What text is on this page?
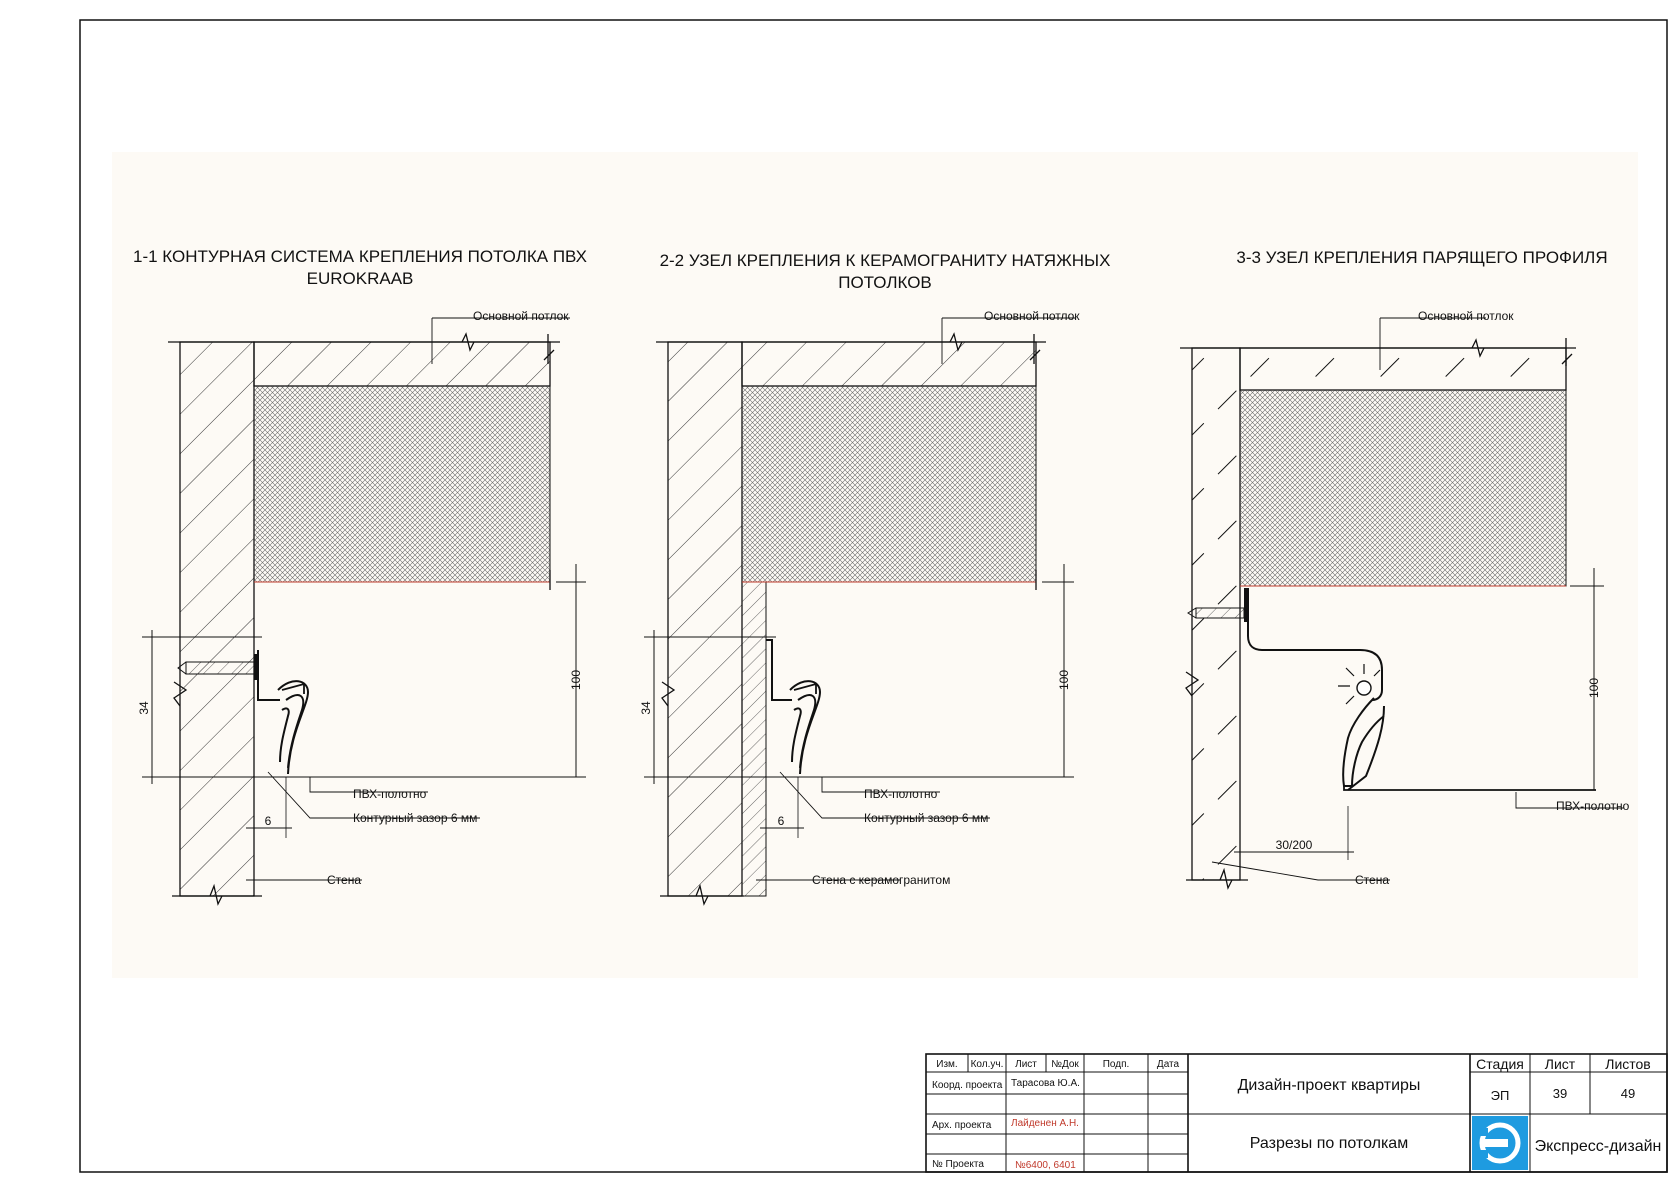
1-1 КОНТУРНАЯ СИСТЕМА КРЕПЛЕНИЯ ПОТОЛКА ПВХ
EUROKRAAB
100
34
6
Основной потлок
ПВХ-полотно
Контурный зазор 6 мм
Стена
2-2 УЗЕЛ КРЕПЛЕНИЯ К КЕРАМОГРАНИТУ НАТЯЖНЫХ
ПОТОЛКОВ
100
34
6
Основной потлок
ПВХ-полотно
Контурный зазор 6 мм
Стена с керамогранитом
3-3 УЗЕЛ КРЕПЛЕНИЯ ПАРЯЩЕГО ПРОФИЛЯ
100
30/200
Основной потлок
ПВХ-полотно
Стена
Изм. Кол.уч. Лист №Док Подп.	Дата
Коорд. проекта Тарасова Ю.А.
Арх. проекта Лайденен А.Н.
№ Проекта	№6400, 6401
Дизайн-проект квартиры
Разрезы по потолкам
Стадия Лист Листов
ЭП	39	49
Экспресс-дизайн
